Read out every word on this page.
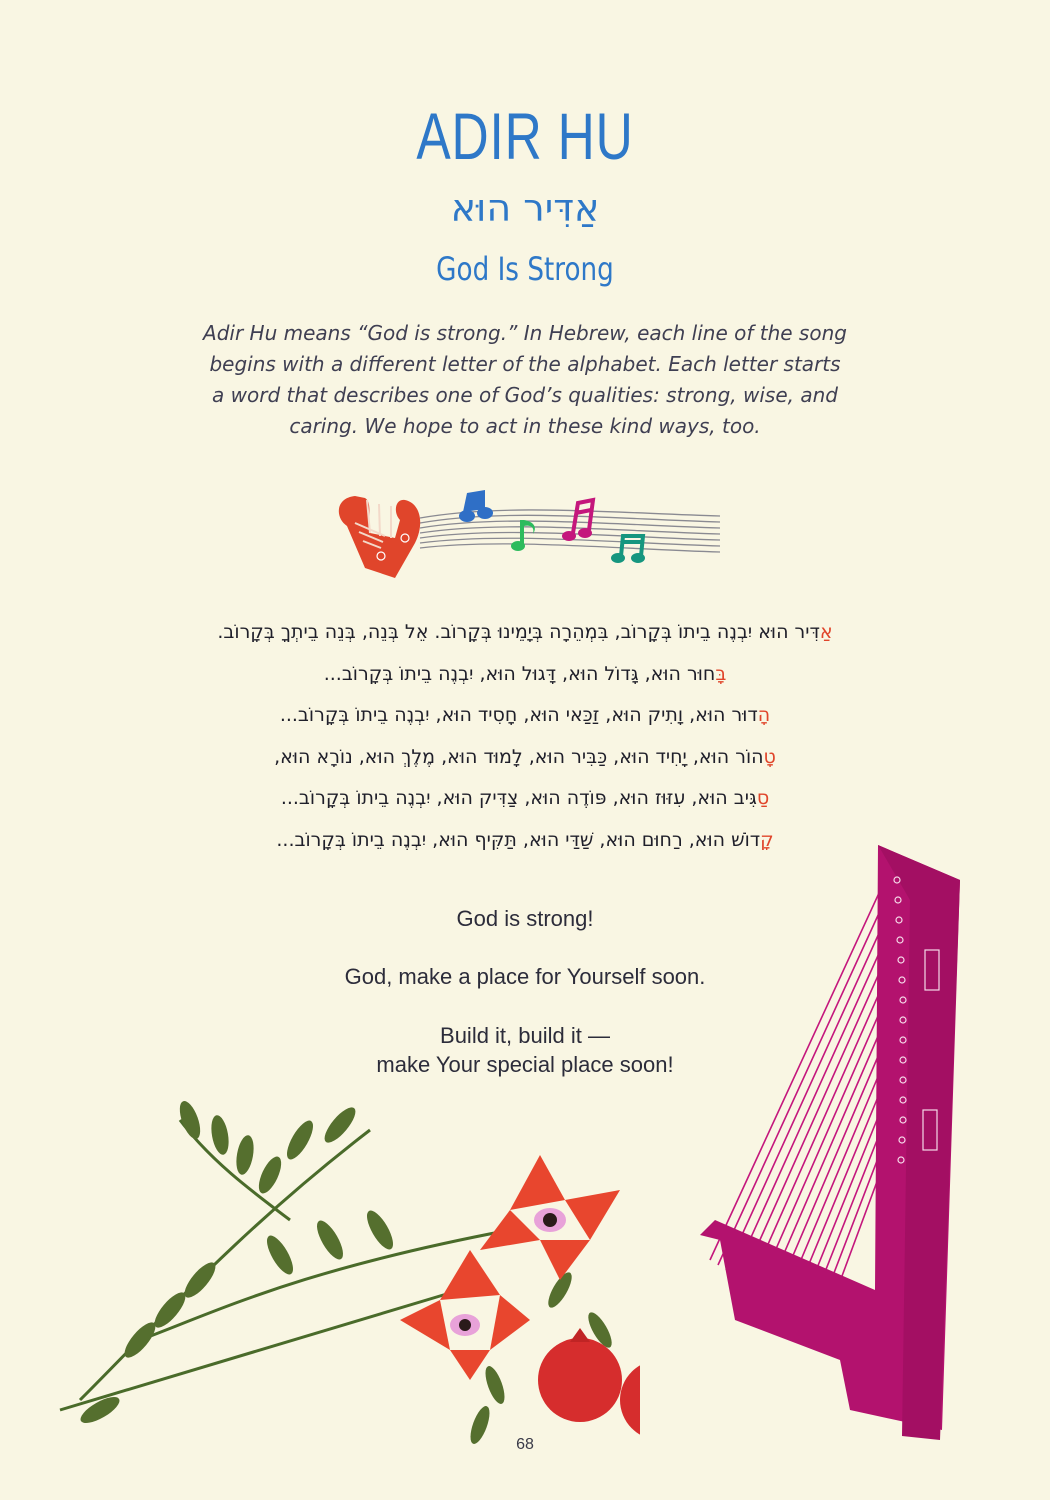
ADIR HU
אַדִּיר הוּא
God Is Strong
Adir Hu means “God is strong.” In Hebrew, each line of the song
begins with a different letter of the alphabet. Each letter starts
a word that describes one of God’s qualities: strong, wise, and
caring. We hope to act in these kind ways, too.
אַדִּיר הוּא יִבְנֶה בֵיתוֹ בְּקָרוֹב, בִּמְהֵרָה בְּיָמֵינוּ בְּקָרוֹב. אֵל בְּנֵה, בְּנֵה בֵיתְךָ בְּקָרוֹב.
בָּחוּר הוּא, גָּדוֹל הוּא, דָּגוּל הוּא, יִבְנֶה בֵיתוֹ בְּקָרוֹב...
הָדוּר הוּא, וָתִיק הוּא, זַכַּאי הוּא, חָסִיד הוּא, יִבְנֶה בֵיתוֹ בְּקָרוֹב...
טָהוֹר הוּא, יָחִיד הוּא, כַּבִּיר הוּא, לָמוּד הוּא, מֶלֶךְ הוּא, נוֹרָא הוּא,
סַגִּיב הוּא, עִזּוּז הוּא, פּוֹדֶה הוּא, צַדִּיק הוּא, יִבְנֶה בֵיתוֹ בְּקָרוֹב...
קָדוֹשׁ הוּא, רַחוּם הוּא, שַׁדַּי הוּא, תַּקִּיף הוּא, יִבְנֶה בֵיתוֹ בְּקָרוֹב...
God is strong!
God, make a place for Yourself soon.
Build it, build it —
make Your special place soon!
68
